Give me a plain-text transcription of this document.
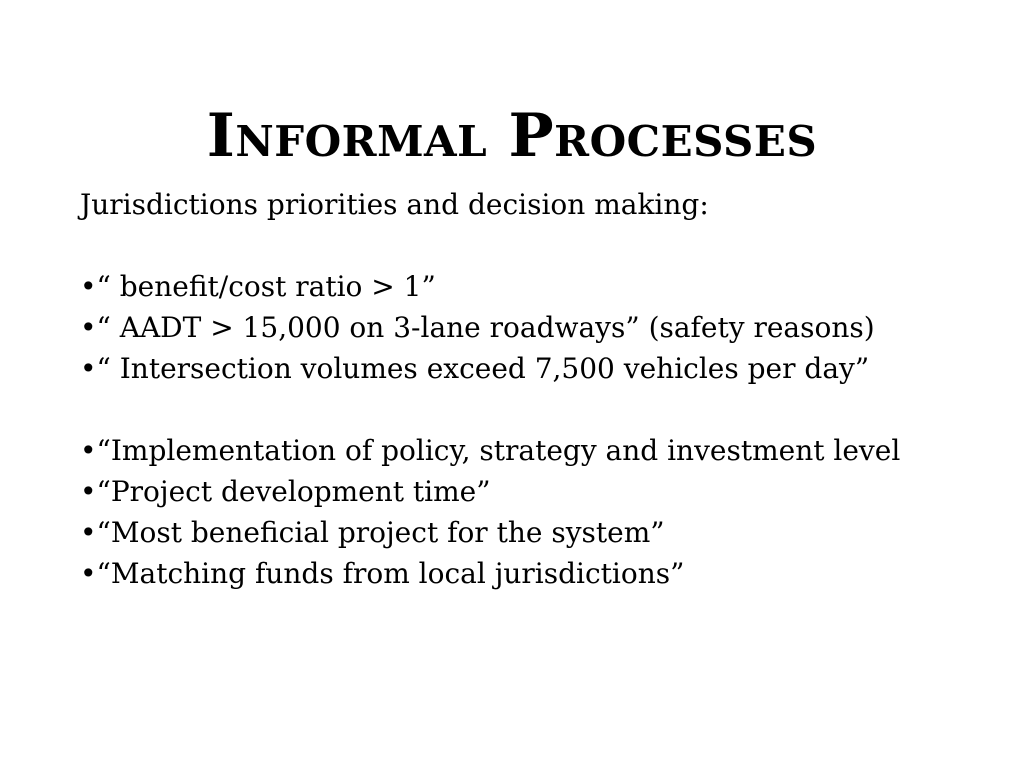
Informal Processes
Jurisdictions priorities and decision making:
•“ benefit/cost ratio > 1”
•“ AADT > 15,000 on 3-lane roadways” (safety reasons)
•“ Intersection volumes exceed 7,500 vehicles per day”
•“Implementation of policy, strategy and investment level
•“Project development time”
•“Most beneficial project for the system”
•“Matching funds from local jurisdictions”
